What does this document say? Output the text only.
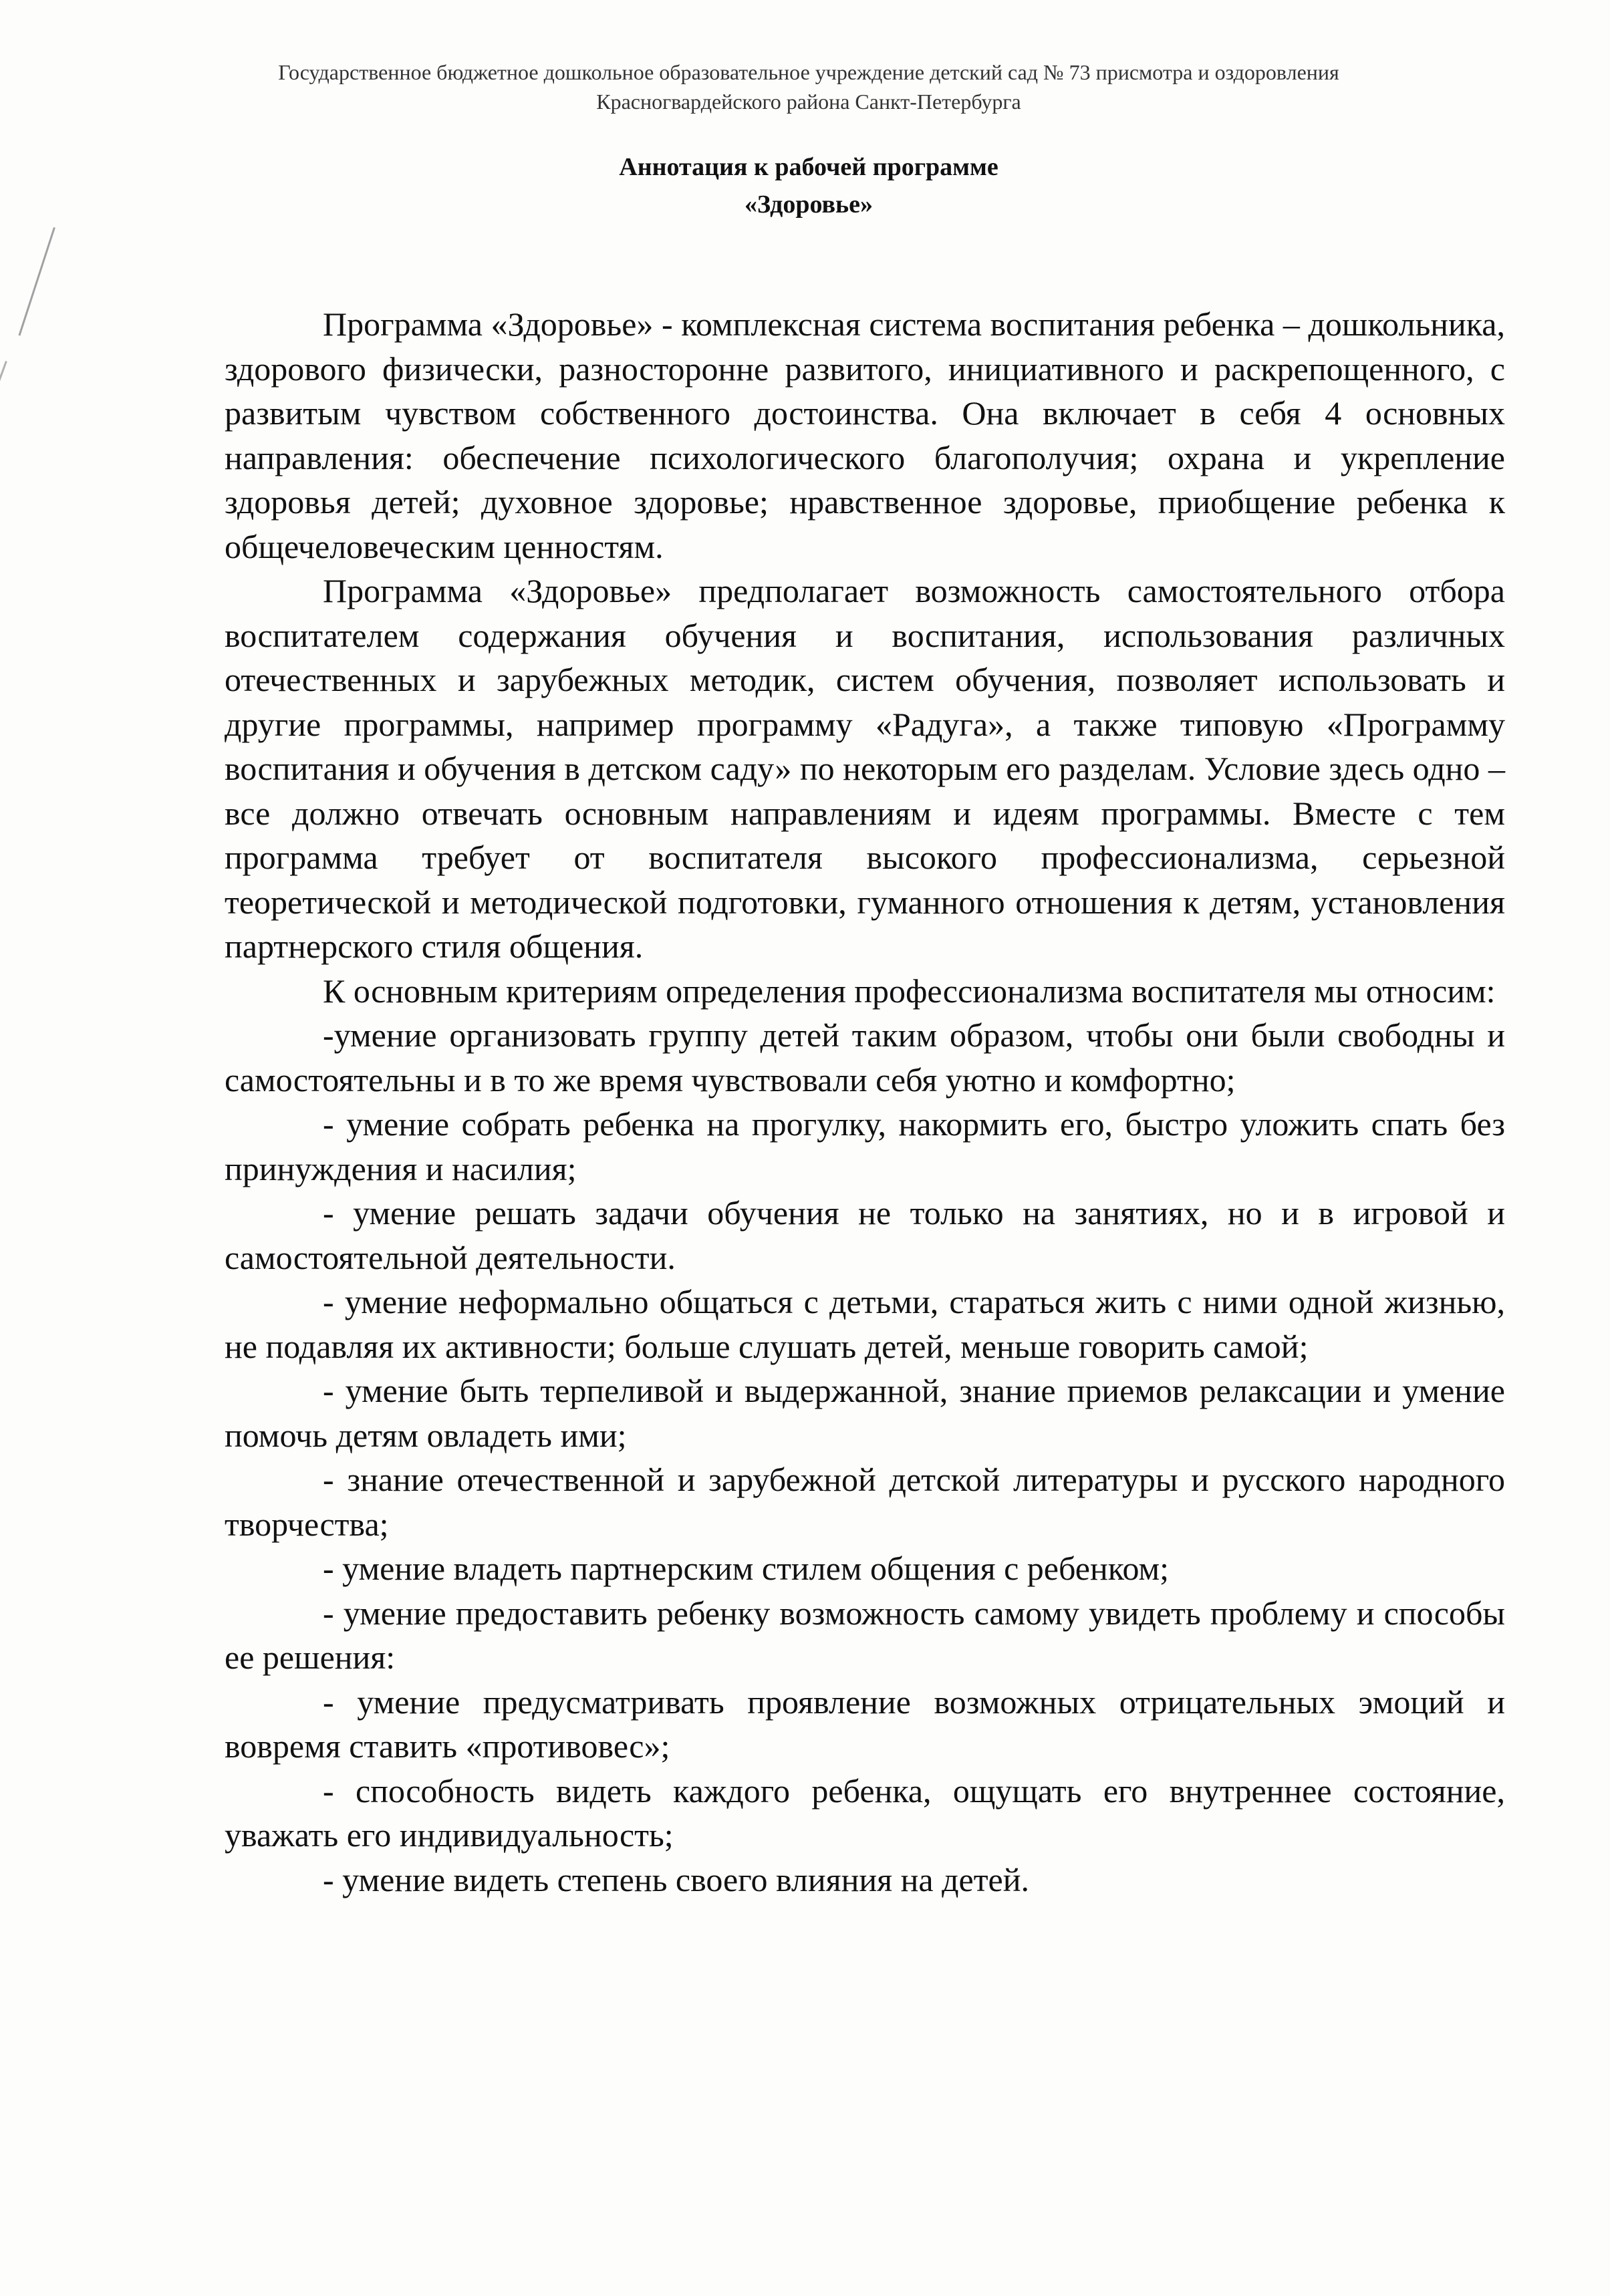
Государственное бюджетное дошкольное образовательное учреждение детский сад № 73 присмотра и оздоровления
Красногвардейского района Санкт-Петербурга
Аннотация к рабочей программе
«Здоровье»

Программа «Здоровье» - комплексная система воспитания ребенка – дошкольника, здорового физически, разносторонне развитого, инициативного и раскрепощенного, с развитым чувством собственного достоинства. Она включает в себя 4 основных направления: обеспечение психологического благополучия; охрана и укрепление здоровья детей; духовное здоровье; нравственное здоровье, приобщение ребенка к общечеловеческим ценностям.

Программа «Здоровье» предполагает возможность самостоятельного отбора воспитателем содержания обучения и воспитания, использования различных отечественных и зарубежных методик, систем обучения, позволяет использовать и другие программы, например программу «Радуга», а также типовую «Программу воспитания и обучения в детском саду» по некоторым его разделам. Условие здесь одно – все должно отвечать основным направлениям и идеям программы. Вместе с тем программа требует от воспитателя высокого профессионализма, серьезной теоретической и методической подготовки, гуманного отношения к детям, установления партнерского стиля общения.

К основным критериям определения профессионализма воспитателя мы относим:

-умение организовать группу детей таким образом, чтобы они были свободны и самостоятельны и в то же время чувствовали себя уютно и комфортно;

- умение собрать ребенка на прогулку, накормить его, быстро уложить спать без принуждения и насилия;

- умение решать задачи обучения не только на занятиях, но и в игровой и самостоятельной деятельности.

- умение неформально общаться с детьми, стараться жить с ними одной жизнью, не подавляя их активности; больше слушать детей, меньше говорить самой;

- умение быть терпеливой и выдержанной, знание приемов релаксации и умение помочь детям овладеть ими;

- знание отечественной и зарубежной детской литературы и русского народного творчества;

- умение владеть партнерским стилем общения с ребенком;

- умение предоставить ребенку возможность самому увидеть проблему и способы ее решения:

- умение предусматривать проявление возможных отрицательных эмоций и вовремя ставить «противовес»;

- способность видеть каждого ребенка, ощущать его внутреннее состояние, уважать его индивидуальность;

- умение видеть степень своего влияния на детей.
